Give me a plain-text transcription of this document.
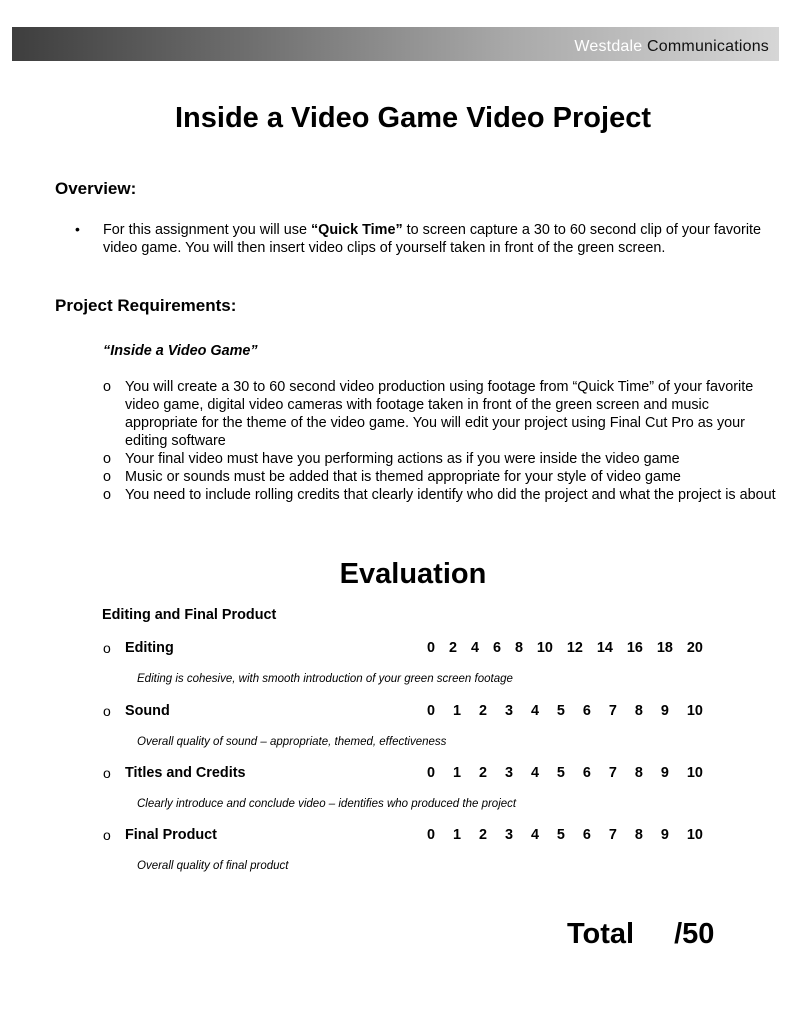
Westdale Communications
Inside a Video Game Video Project
Overview:
• For this assignment you will use “Quick Time” to screen capture a 30 to 60 second clip of your favorite video game. You will then insert video clips of yourself taken in front of the green screen.

Project Requirements:
“Inside a Video Game”
o You will create a 30 to 60 second video production using footage from “Quick Time” of your favorite video game, digital video cameras with footage taken in front of the green screen and music appropriate for the theme of the video game. You will edit your project using Final Cut Pro as your editing software
o Your final video must have you performing actions as if you were inside the video game
o Music or sounds must be added that is themed appropriate for your style of video game
o You need to include rolling credits that clearly identify who did the project and what the project is about
Evaluation
Editing and Final Product
o Editing	0 2 4 6 8 10 12 14 16 18 20
Editing is cohesive, with smooth introduction of your green screen footage
o Sound	0 1 2 3 4 5 6 7 8 9 10
Overall quality of sound – appropriate, themed, effectiveness
o Titles and Credits	0 1 2 3 4 5 6 7 8 9 10
Clearly introduce and conclude video – identifies who produced the project
o Final Product	0 1 2 3 4 5 6 7 8 9 10
Overall quality of final product
Total /50
